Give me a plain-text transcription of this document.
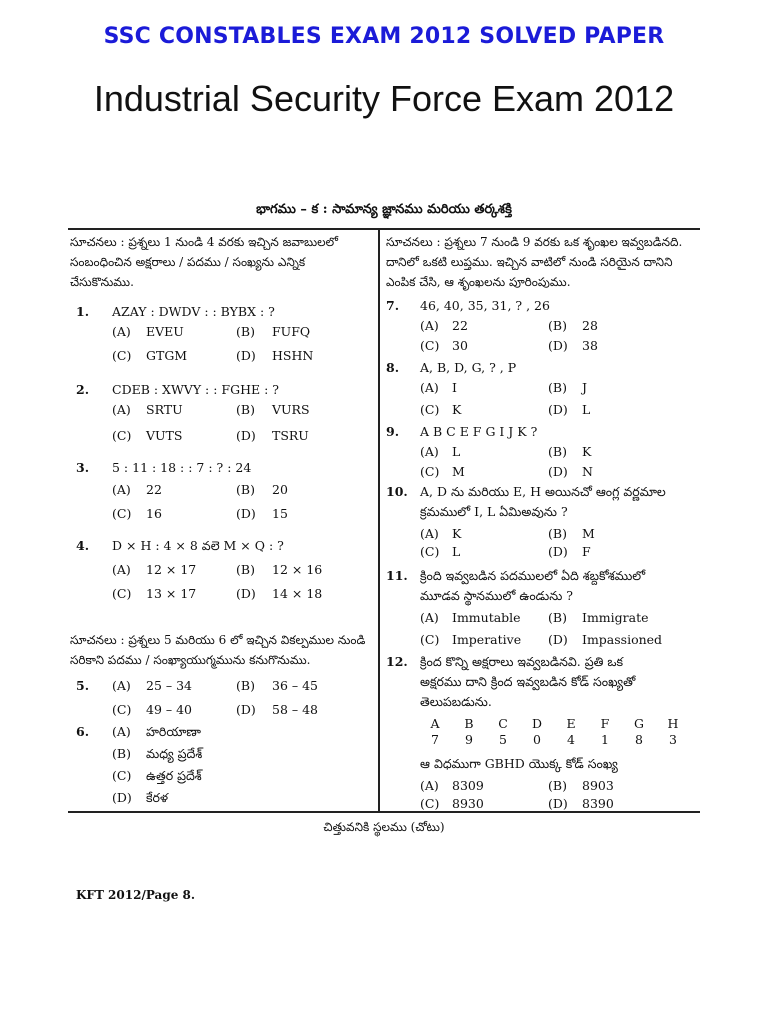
SSC CONSTABLES EXAM 2012 SOLVED PAPER
Industrial Security Force Exam 2012
భాగము – క : సామాన్య జ్ఞానము మరియు తర్కశక్తి
సూచనలు : ప్రశ్నలు 1 నుండి 4 వరకు ఇచ్చిన జవాబులలో సంబంధించిన అక్షరాలు / పదము / సంఖ్యను ఎన్నిక చేసుకొనుము.
1. AZAY : DWDV : : BYBX : ?
(A) EVEU	(B) FUFQ
(C) GTGM	(D) HSHN
2. CDEB : XWVY : : FGHE : ?
(A) SRTU	(B) VURS
(C) VUTS	(D) TSRU
3. 5 : 11 : 18 : : 7 : ? : 24
(A) 22	(B) 20
(C) 16	(D) 15
4. D × H : 4 × 8 వలె M × Q : ?
(A) 12 × 17	(B) 12 × 16
(C) 13 × 17	(D) 14 × 18
సూచనలు : ప్రశ్నలు 5 మరియు 6 లో ఇచ్చిన వికల్పముల నుండి సరికాని పదము / సంఖ్యాయుగ్మమును కనుగొనుము.
5. (A) 25 – 34	(B) 36 – 45
(C) 49 – 40	(D) 58 – 48
6. (A) హరియాణా
(B) మధ్య ప్రదేశ్
(C) ఉత్తర ప్రదేశ్
(D) కేరళ
సూచనలు : ప్రశ్నలు 7 నుండి 9 వరకు ఒక శృంఖల ఇవ్వబడినది. దానిలో ఒకటి లుప్తము. ఇచ్చిన వాటిలో నుండి సరియైన దానిని ఎంపిక చేసి, ఆ శృంఖలను పూరింపుము.
7. 46, 40, 35, 31, ? , 26
(A) 22	(B) 28
(C) 30	(D) 38
8. A, B, D, G, ? , P
(A) I	(B) J
(C) K	(D) L
9. A B C E F G I J K ?
(A) L	(B) K
(C) M	(D) N
10. A, D ను మరియు E, H అయినచో ఆంగ్ల వర్ణమాల
క్రమములో I, L ఏమిఅవును ?
(A) K	(B) M
(C) L	(D) F
11. క్రింది ఇవ్వబడిన పదములలో ఏది శబ్దకోశములో
మూడవ స్థానములో ఉండును ?
(A) Immutable (B) Immigrate
(C) Imperative (D) Impassioned
12. క్రింద కొన్ని అక్షరాలు ఇవ్వబడినవి. ప్రతి ఒక
అక్షరము దాని క్రింద ఇవ్వబడిన కోడ్ సంఖ్యతో
తెలుపబడును.
A B C D E F G H
7 9 5 0 4 1 8 3
ఆ విధముగా GBHD యొక్క కోడ్ సంఖ్య
(A) 8309	(B) 8903
(C) 8930	(D) 8390
చిత్తువనికి స్థలము (చోటు)
KFT 2012/Page 8.
